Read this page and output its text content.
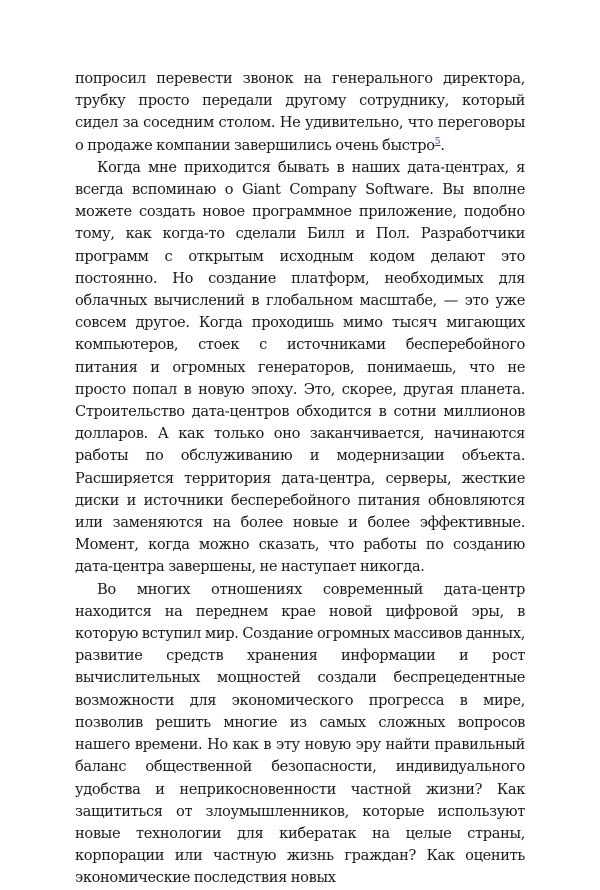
попросил перевести звонок на генерального директора, трубку просто передали другому сотруднику, который сидел за соседним столом. Не удивительно, что переговоры о продаже компании завершились очень быстро$^5$.

Когда мне приходится бывать в наших дата-центрах, я всегда вспоминаю о Giant Company Software. Вы вполне можете создать новое программное приложение, подобно тому, как когда-то сделали Билл и Пол. Разработчики программ с открытым исходным кодом делают это постоянно. Но создание платформ, необходимых для облачных вычислений в глобальном масштабе, — это уже совсем другое. Когда проходишь мимо тысяч мигающих компьютеров, стоек с источниками бесперебойного питания и огромных генераторов, понимаешь, что не просто попал в новую эпоху. Это, скорее, другая планета. Строительство дата-центров обходится в сотни миллионов долларов. А как только оно заканчивается, начинаются работы по обслуживанию и модернизации объекта. Расширяется территория дата-центра, серверы, жесткие диски и источники бесперебойного питания обновляются или заменяются на более новые и более эффективные. Момент, когда можно сказать, что работы по созданию дата-центра завершены, не наступает никогда.

Во многих отношениях современный дата-центр находится на переднем крае новой цифровой эры, в которую вступил мир. Создание огромных массивов данных, развитие средств хранения информации и рост вычислительных мощностей создали беспрецедентные возможности для экономического прогресса в мире, позволив решить многие из самых сложных вопросов нашего времени. Но как в эту новую эру найти правильный баланс общественной безопасности, индивидуального удобства и неприкосновенности частной жизни? Как защититься от злоумышленников, которые используют новые технологии для кибератак на целые страны, корпорации или частную жизнь граждан? Как оценить экономические последствия новых
